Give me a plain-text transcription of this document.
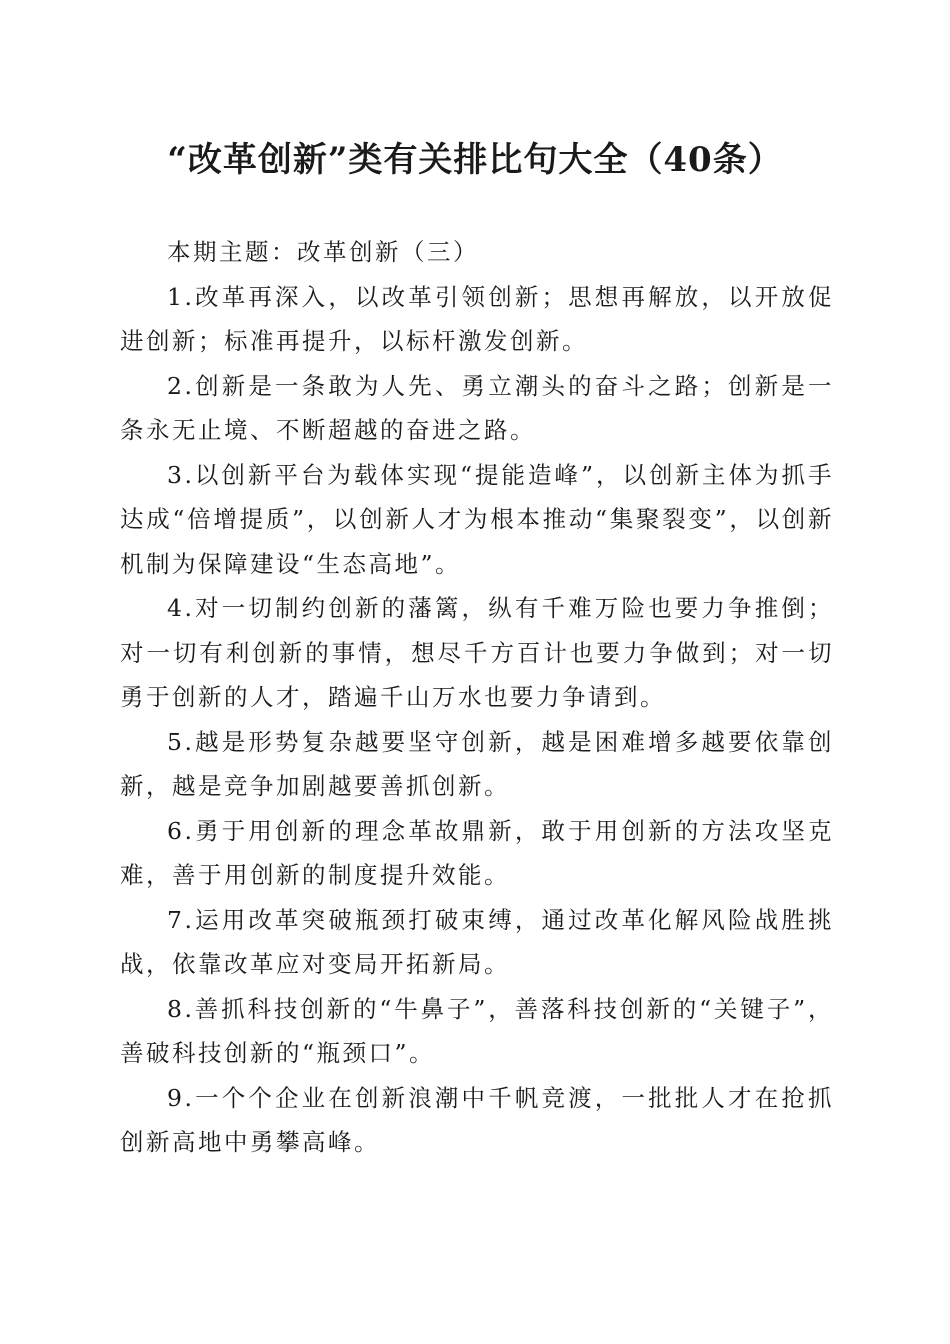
“改革创新”类有关排比句大全（40条）

本期主题：改革创新（三）

1.改革再深入，以改革引领创新；思想再解放，以开放促进创新；标准再提升，以标杆激发创新。

2.创新是一条敢为人先、勇立潮头的奋斗之路；创新是一条永无止境、不断超越的奋进之路。

3.以创新平台为载体实现“提能造峰”，以创新主体为抓手达成“倍增提质”，以创新人才为根本推动“集聚裂变”，以创新机制为保障建设“生态高地”。

4.对一切制约创新的藩篱，纵有千难万险也要力争推倒；对一切有利创新的事情，想尽千方百计也要力争做到；对一切勇于创新的人才，踏遍千山万水也要力争请到。

5.越是形势复杂越要坚守创新，越是困难增多越要依靠创新，越是竞争加剧越要善抓创新。

6.勇于用创新的理念革故鼎新，敢于用创新的方法攻坚克难，善于用创新的制度提升效能。

7.运用改革突破瓶颈打破束缚，通过改革化解风险战胜挑战，依靠改革应对变局开拓新局。

8.善抓科技创新的“牛鼻子”，善落科技创新的“关键子”，善破科技创新的“瓶颈口”。

9.一个个企业在创新浪潮中千帆竞渡，一批批人才在抢抓创新高地中勇攀高峰。
